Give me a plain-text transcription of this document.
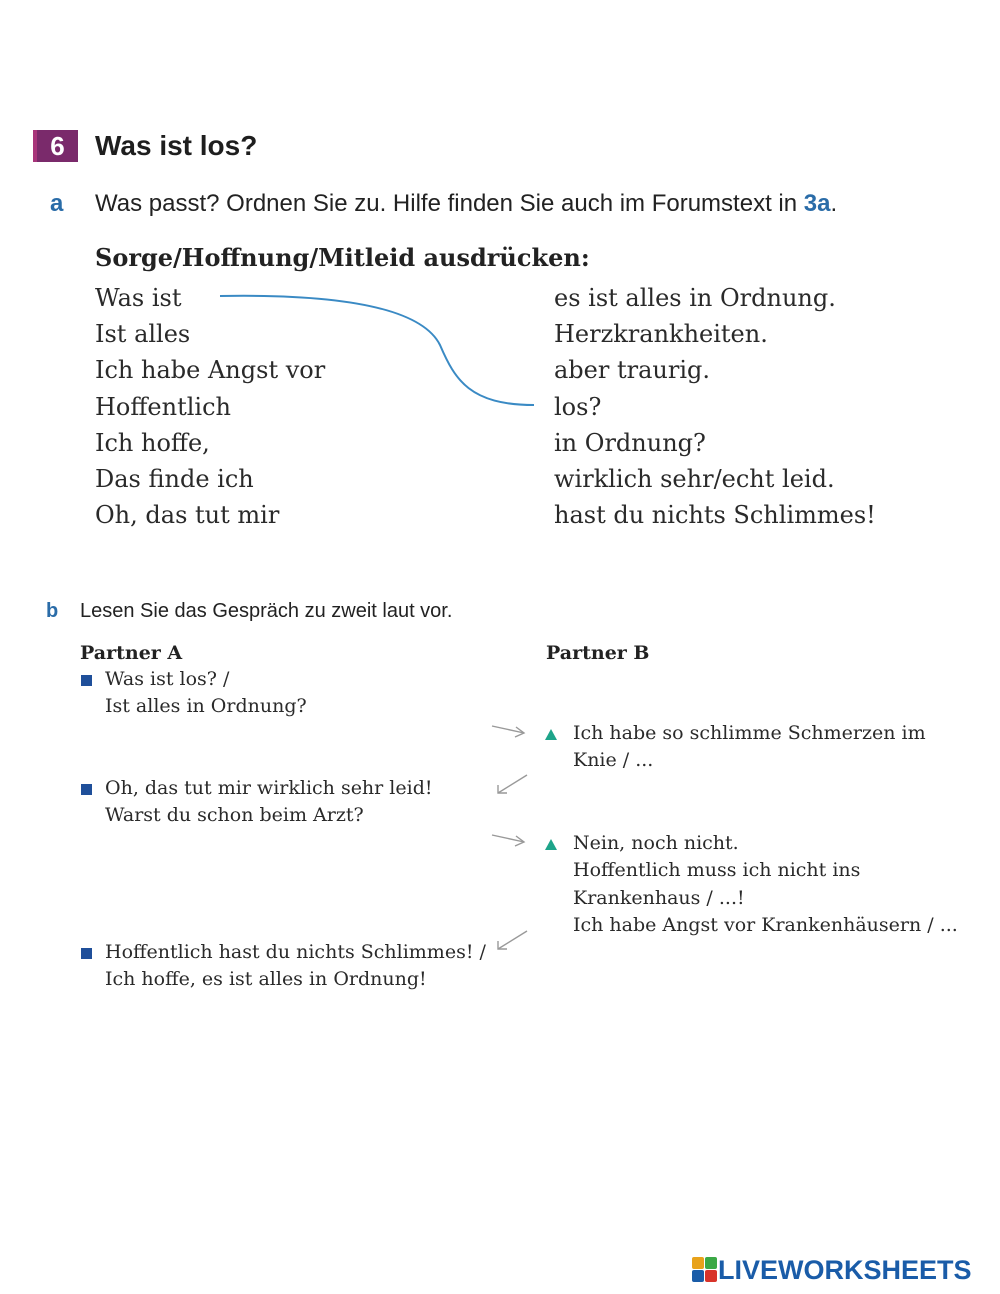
6	Was ist los?
a Was passt? Ordnen Sie zu. Hilfe finden Sie auch im Forumstext in 3a.
Sorge/Hoffnung/Mitleid ausdrücken:
Was ist
Ist alles
Ich habe Angst vor
Hoffentlich
Ich hoffe,
Das finde ich
Oh, das tut mir
es ist alles in Ordnung.
Herzkrankheiten.
aber traurig.
los?
in Ordnung?
wirklich sehr/echt leid.
hast du nichts Schlimmes!
b Lesen Sie das Gespräch zu zweit laut vor.
Partner A	Partner B
Was ist los? /
Ist alles in Ordnung?
Ich habe so schlimme Schmerzen im
Knie / ...
Oh, das tut mir wirklich sehr leid!
Warst du schon beim Arzt?
Nein, noch nicht.
Hoffentlich muss ich nicht ins
Krankenhaus / ...!
Ich habe Angst vor Krankenhäusern / ...
Hoffentlich hast du nichts Schlimmes! /
Ich hoffe, es ist alles in Ordnung!
LIVEWORKSHEETS
